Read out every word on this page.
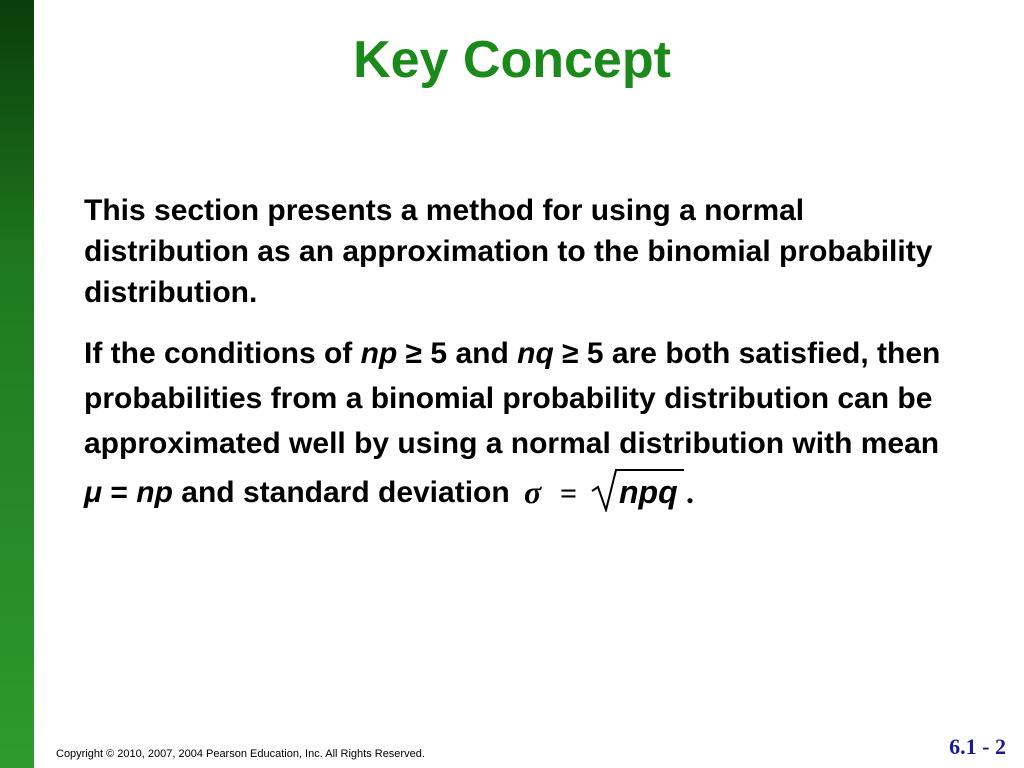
Key Concept
This section presents a method for using a normal distribution as an approximation to the binomial probability distribution.
If the conditions of np ≥ 5 and nq ≥ 5 are both satisfied, then probabilities from a binomial probability distribution can be approximated well by using a normal distribution with mean μ = np and standard deviation σ = npq .
Copyright © 2010, 2007, 2004 Pearson Education, Inc. All Rights Reserved.	6.1 - 2
